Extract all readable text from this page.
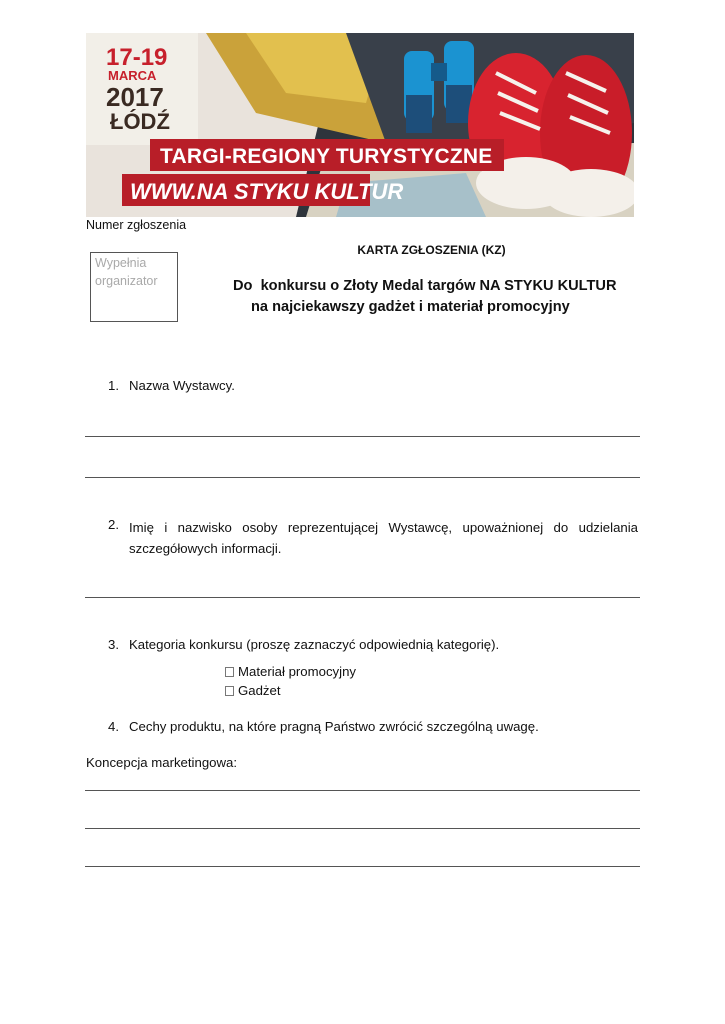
17-19
MARCA
2017
ŁÓDŹ
TARGI-REGIONY TURYSTYCZNE
WWW.NA STYKU KULTUR
Numer zgłoszenia
Wypełnia organizator
KARTA ZGŁOSZENIA (KZ)
Do  konkursu o Złoty Medal targów NA STYKU KULTUR
na najciekawszy gadżet i materiał promocyjny
1. Nazwa Wystawcy.
2. Imię i nazwisko osoby reprezentującej Wystawcę, upoważnionej do udzielania szczegółowych informacji.
3. Kategoria konkursu (proszę zaznaczyć odpowiednią kategorię).
Materiał promocyjny
Gadżet
4. Cechy produktu, na które pragną Państwo zwrócić szczególną uwagę.
Koncepcja marketingowa:
